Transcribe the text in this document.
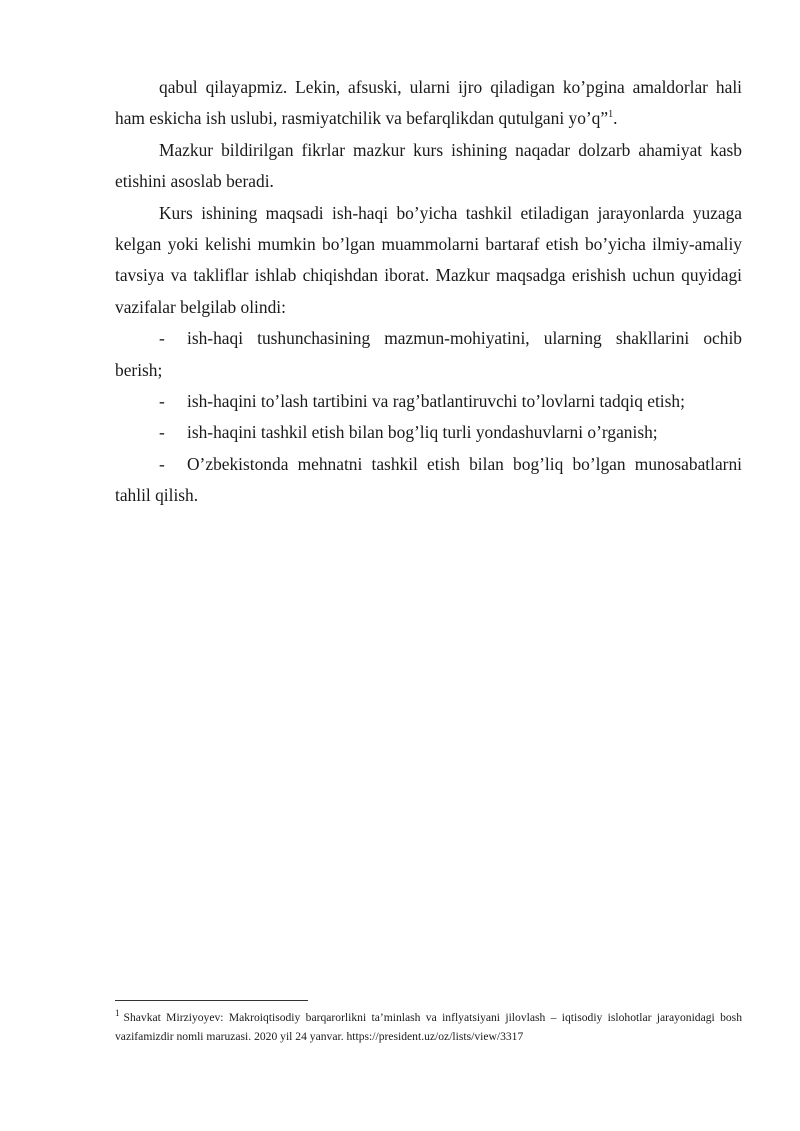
qabul qilayapmiz. Lekin, afsuski, ularni ijro qiladigan ko’pgina amaldorlar hali ham eskicha ish uslubi, rasmiyatchilik va befarqlikdan qutulgani yo’q”$^1$.

Mazkur bildirilgan fikrlar mazkur kurs ishining naqadar dolzarb ahamiyat kasb etishini asoslab beradi.

Kurs ishining maqsadi ish-haqi bo’yicha tashkil etiladigan jarayonlarda yuzaga kelgan yoki kelishi mumkin bo’lgan muammolarni bartaraf etish bo’yicha ilmiy-amaliy tavsiya va takliflar ishlab chiqishdan iborat. Mazkur maqsadga erishish uchun quyidagi vazifalar belgilab olindi:

- ish-haqi tushunchasining mazmun-mohiyatini, ularning shakllarini ochib berish;

- ish-haqini to’lash tartibini va rag’batlantiruvchi to’lovlarni tadqiq etish;

- ish-haqini tashkil etish bilan bog’liq turli yondashuvlarni o’rganish;

- O’zbekistonda mehnatni tashkil etish bilan bog’liq bo’lgan munosabatlarni tahlil qilish.

$^1$ Shavkat Mirziyoyev: Makroiqtisodiy barqarorlikni ta’minlash va inflyatsiyani jilovlash – iqtisodiy islohotlar jarayonidagi bosh vazifamizdir nomli maruzasi. 2020 yil 24 yanvar. https://president.uz/oz/lists/view/3317
